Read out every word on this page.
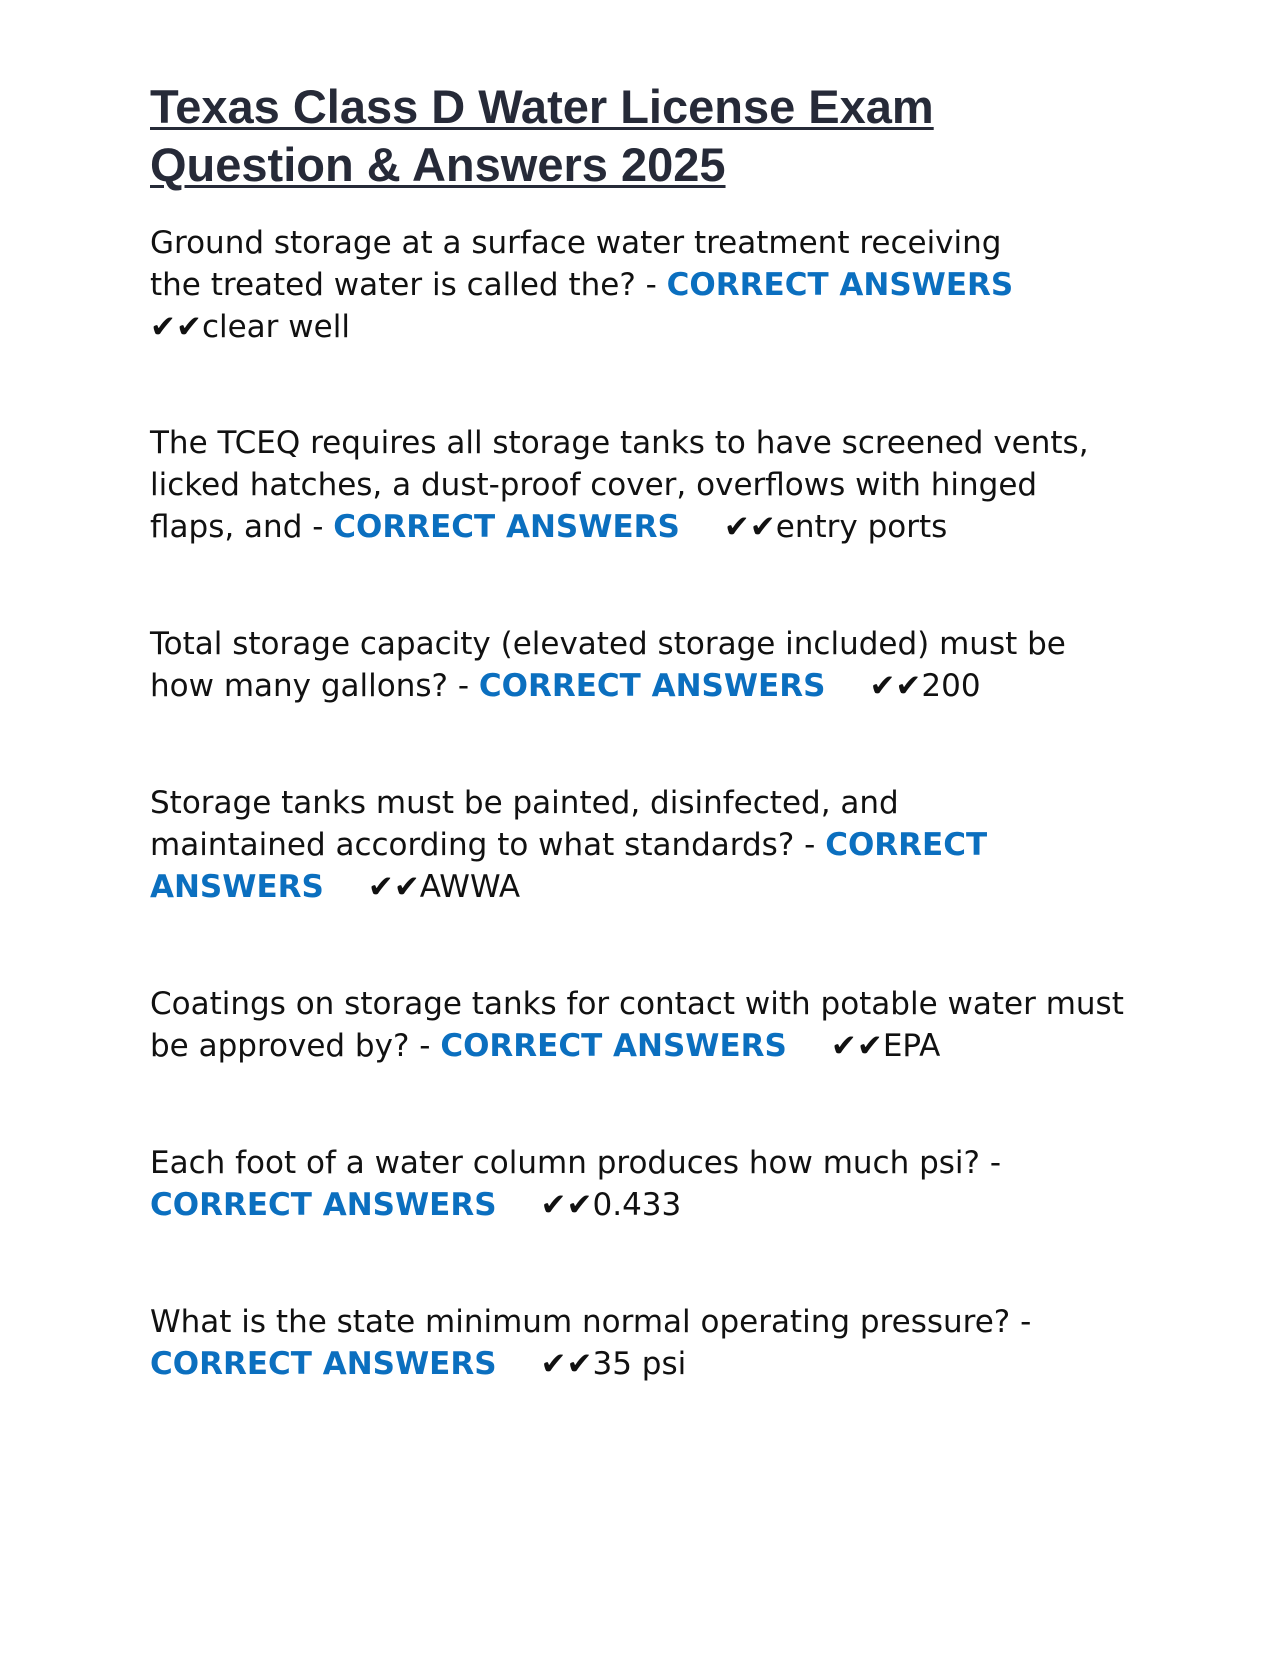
Texas Class D Water License Exam
Question & Answers 2025

Ground storage at a surface water treatment receiving the treated water is called the? - CORRECT ANSWERS
✔✔clear well

The TCEQ requires all storage tanks to have screened vents, licked hatches, a dust-proof cover, overflows with hinged flaps, and - CORRECT ANSWERS ✔✔entry ports

Total storage capacity (elevated storage included) must be how many gallons? - CORRECT ANSWERS ✔✔200

Storage tanks must be painted, disinfected, and maintained according to what standards? - CORRECT ANSWERS ✔✔AWWA

Coatings on storage tanks for contact with potable water must be approved by? - CORRECT ANSWERS ✔✔EPA

Each foot of a water column produces how much psi? -
CORRECT ANSWERS ✔✔0.433

What is the state minimum normal operating pressure? -
CORRECT ANSWERS ✔✔35 psi
